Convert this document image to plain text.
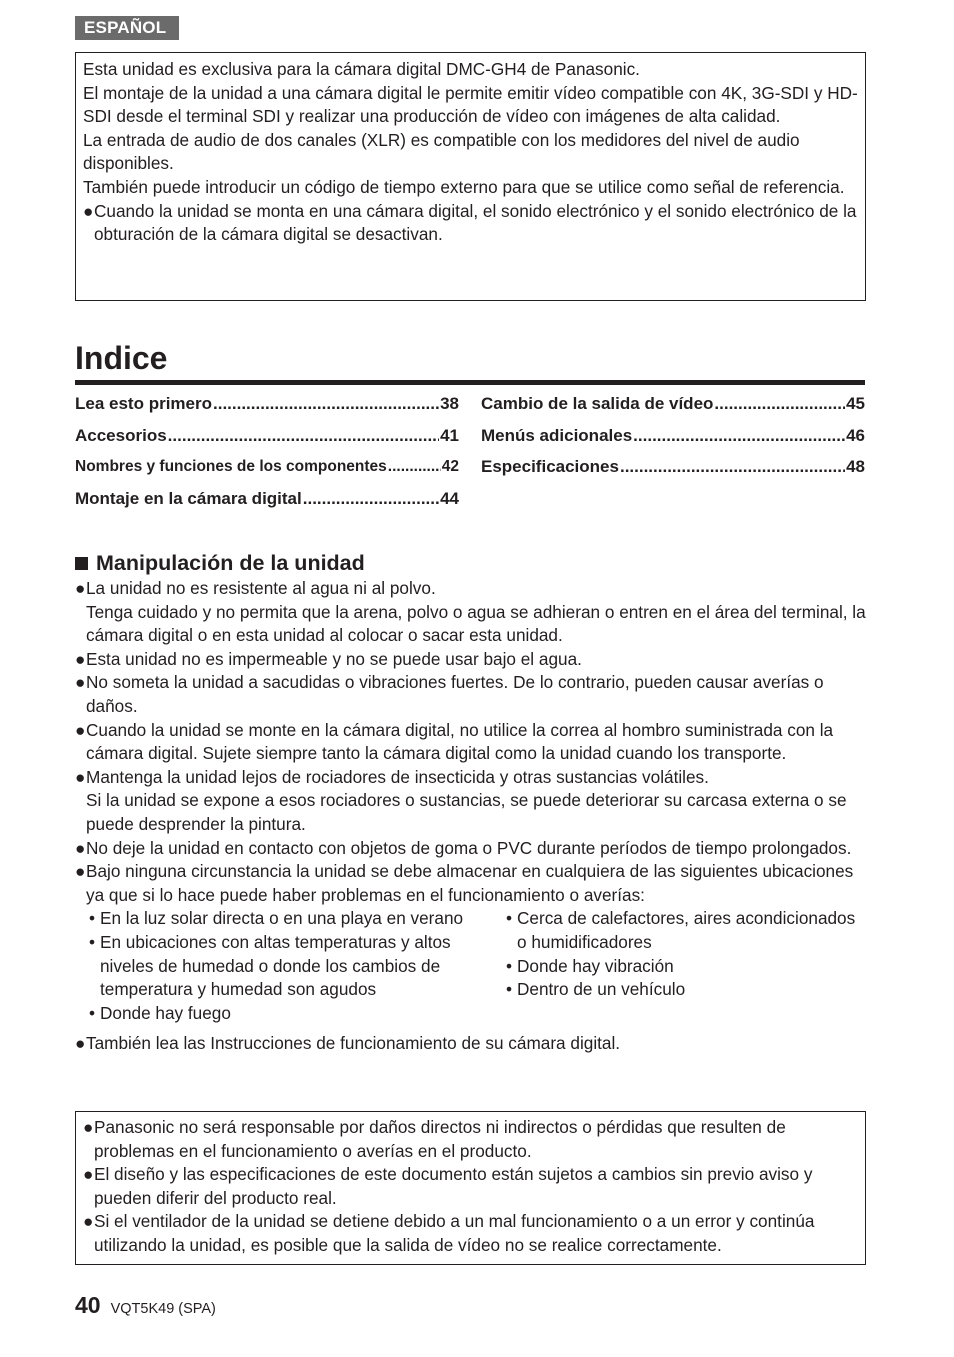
ESPAÑOL

Esta unidad es exclusiva para la cámara digital DMC-GH4 de Panasonic.

El montaje de la unidad a una cámara digital le permite emitir vídeo compatible con 4K, 3G-SDI y HD-SDI desde el terminal SDI y realizar una producción de vídeo con imágenes de alta calidad.

La entrada de audio de dos canales (XLR) es compatible con los medidores del nivel de audio disponibles.

También puede introducir un código de tiempo externo para que se utilice como señal de referencia.

● Cuando la unidad se monta en una cámara digital, el sonido electrónico y el sonido electrónico de la obturación de la cámara digital se desactivan.
Indice
Lea esto primero .....	38
Accesorios .....	41
Nombres y funciones de los componentes .....	42
Montaje en la cámara digital .....	44
Cambio de la salida de vídeo .....	45
Menús adicionales .....	46
Especificaciones .....	48
Manipulación de la unidad
● La unidad no es resistente al agua ni al polvo.
Tenga cuidado y no permita que la arena, polvo o agua se adhieran o entren en el área del terminal, la cámara digital o en esta unidad al colocar o sacar esta unidad.
● Esta unidad no es impermeable y no se puede usar bajo el agua.
● No someta la unidad a sacudidas o vibraciones fuertes. De lo contrario, pueden causar averías o daños.
● Cuando la unidad se monte en la cámara digital, no utilice la correa al hombro suministrada con la cámara digital. Sujete siempre tanto la cámara digital como la unidad cuando los transporte.
● Mantenga la unidad lejos de rociadores de insecticida y otras sustancias volátiles.
Si la unidad se expone a esos rociadores o sustancias, se puede deteriorar su carcasa externa o se puede desprender la pintura.
● No deje la unidad en contacto con objetos de goma o PVC durante períodos de tiempo prolongados.
● Bajo ninguna circunstancia la unidad se debe almacenar en cualquiera de las siguientes ubicaciones ya que si lo hace puede haber problemas en el funcionamiento o averías:
• En la luz solar directa o en una playa en verano
• En ubicaciones con altas temperaturas y altos niveles de humedad o donde los cambios de temperatura y humedad son agudos
• Donde hay fuego
• Cerca de calefactores, aires acondicionados o humidificadores
• Donde hay vibración
• Dentro de un vehículo
● También lea las Instrucciones de funcionamiento de su cámara digital.
● Panasonic no será responsable por daños directos ni indirectos o pérdidas que resulten de problemas en el funcionamiento o averías en el producto.
● El diseño y las especificaciones de este documento están sujetos a cambios sin previo aviso y pueden diferir del producto real.
● Si el ventilador de la unidad se detiene debido a un mal funcionamiento o a un error y continúa utilizando la unidad, es posible que la salida de vídeo no se realice correctamente.
40 VQT5K49 (SPA)
